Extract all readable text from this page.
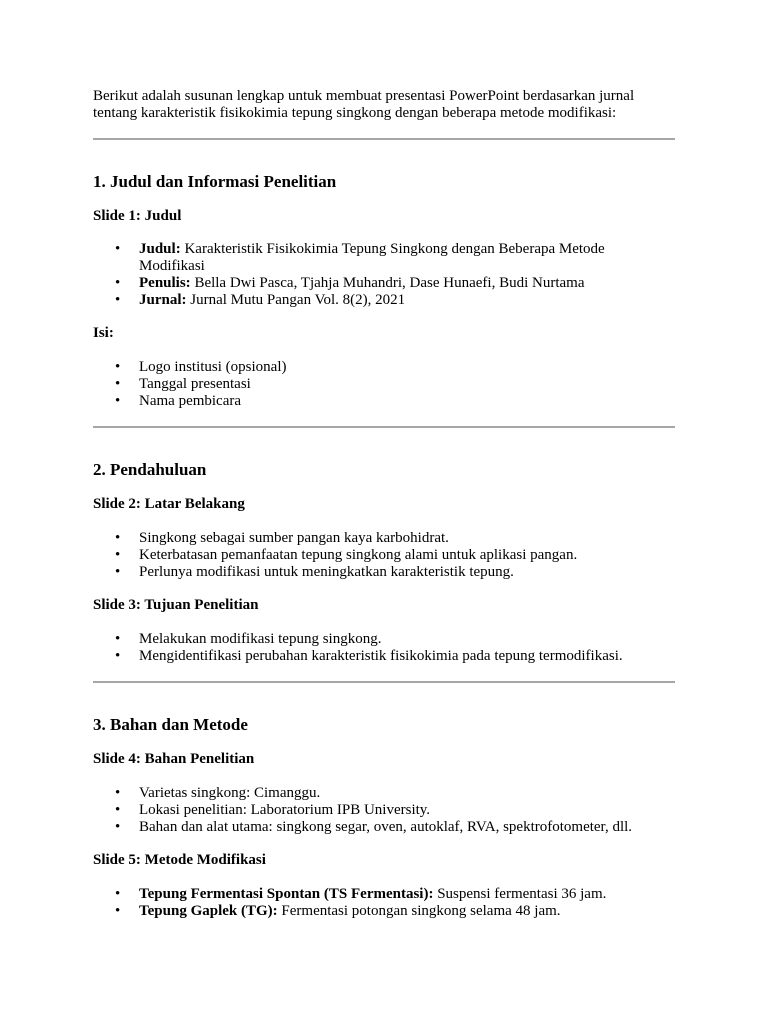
Berikut adalah susunan lengkap untuk membuat presentasi PowerPoint berdasarkan jurnal

tentang karakteristik fisikokimia tepung singkong dengan beberapa metode modifikasi:

1. Judul dan Informasi Penelitian
Slide 1: Judul
• Judul: Karakteristik Fisikokimia Tepung Singkong dengan Beberapa Metode
Modifikasi
• Penulis: Bella Dwi Pasca, Tjahja Muhandri, Dase Hunaefi, Budi Nurtama
• Jurnal: Jurnal Mutu Pangan Vol. 8(2), 2021
Isi:
• Logo institusi (opsional)
• Tanggal presentasi
• Nama pembicara
2. Pendahuluan
Slide 2: Latar Belakang
• Singkong sebagai sumber pangan kaya karbohidrat.
• Keterbatasan pemanfaatan tepung singkong alami untuk aplikasi pangan.
• Perlunya modifikasi untuk meningkatkan karakteristik tepung.
Slide 3: Tujuan Penelitian
• Melakukan modifikasi tepung singkong.
• Mengidentifikasi perubahan karakteristik fisikokimia pada tepung termodifikasi.
3. Bahan dan Metode
Slide 4: Bahan Penelitian
• Varietas singkong: Cimanggu.
• Lokasi penelitian: Laboratorium IPB University.
• Bahan dan alat utama: singkong segar, oven, autoklaf, RVA, spektrofotometer, dll.
Slide 5: Metode Modifikasi
• Tepung Fermentasi Spontan (TS Fermentasi): Suspensi fermentasi 36 jam.
• Tepung Gaplek (TG): Fermentasi potongan singkong selama 48 jam.
